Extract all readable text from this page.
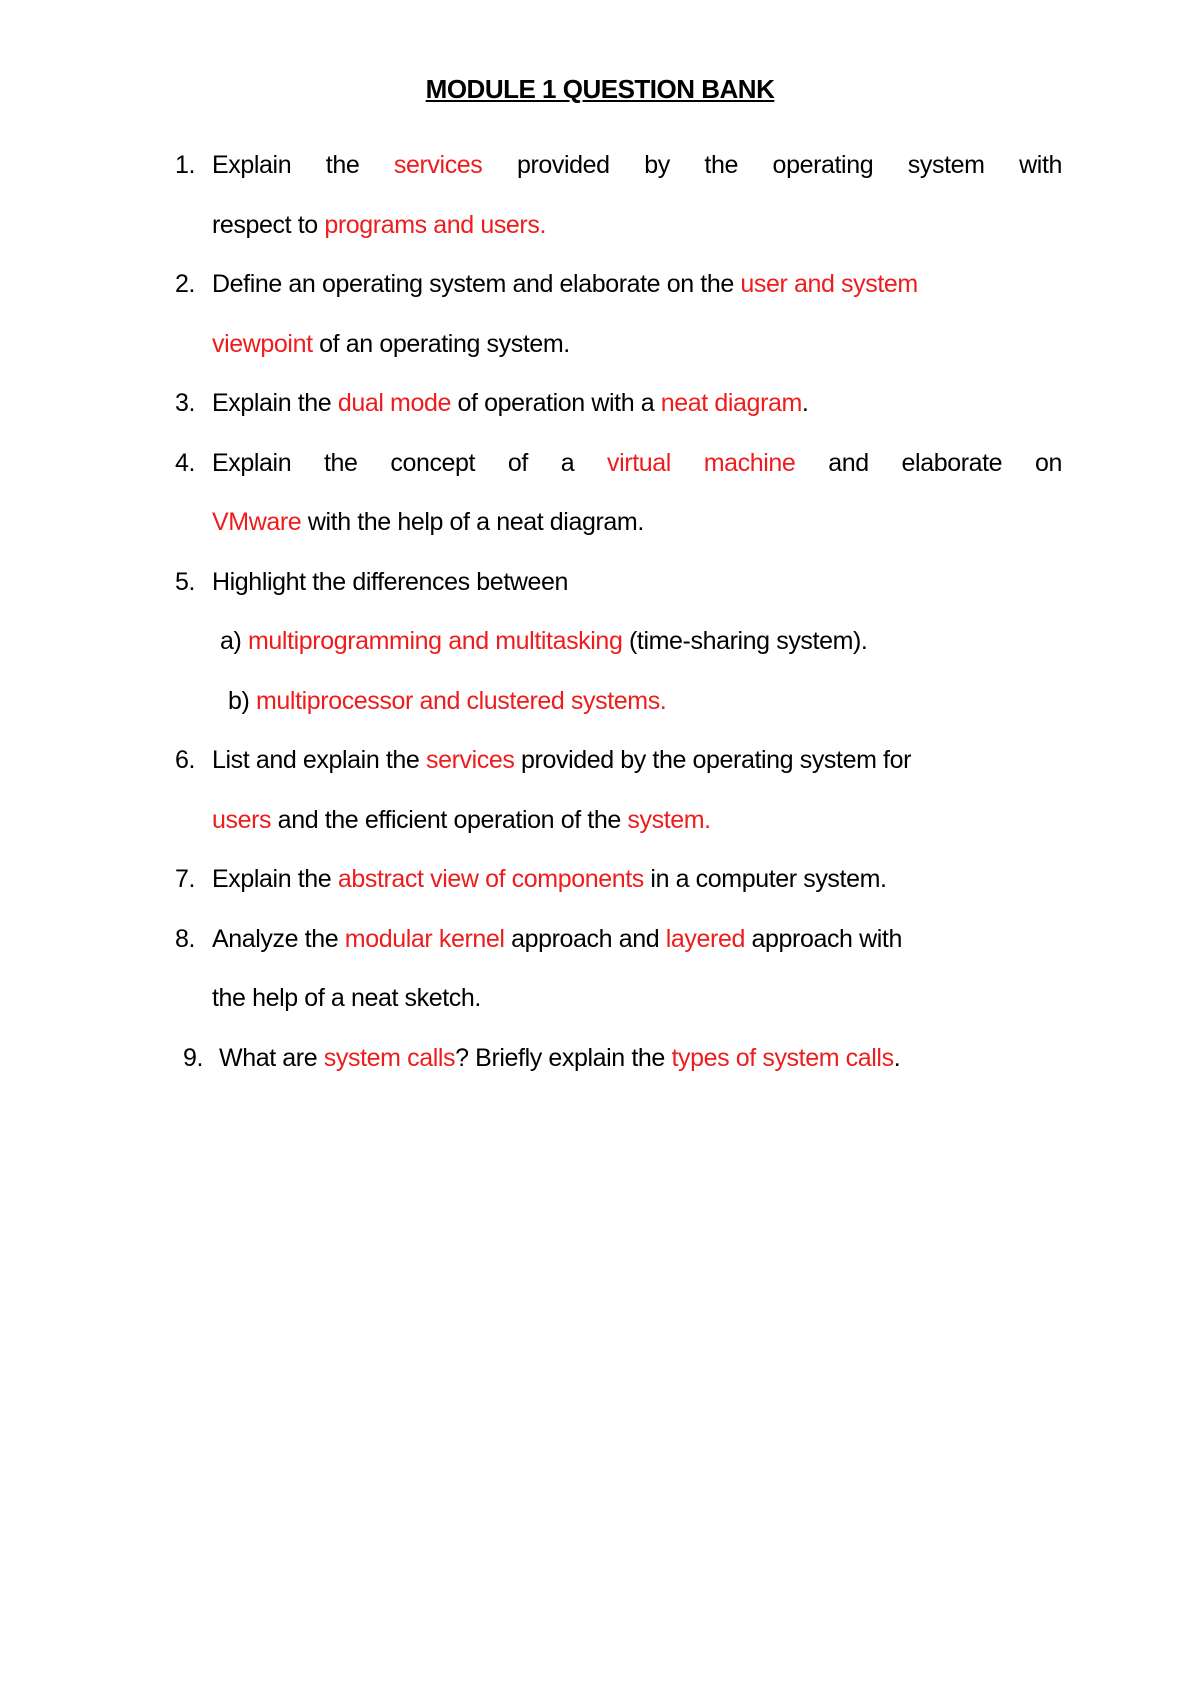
MODULE 1 QUESTION BANK
1. Explain the services provided by the operating system with
respect to programs and users.
2. Define an operating system and elaborate on the user and system
viewpoint of an operating system.
3. Explain the dual mode of operation with a neat diagram.
4. Explain the concept of a virtual machine and elaborate on
VMware with the help of a neat diagram.
5. Highlight the differences between
a) multiprogramming and multitasking (time-sharing system).
b) multiprocessor and clustered systems.
6. List and explain the services provided by the operating system for
users and the efficient operation of the system.
7. Explain the abstract view of components in a computer system.
8. Analyze the modular kernel approach and layered approach with
the help of a neat sketch.
9. What are system calls? Briefly explain the types of system calls.
